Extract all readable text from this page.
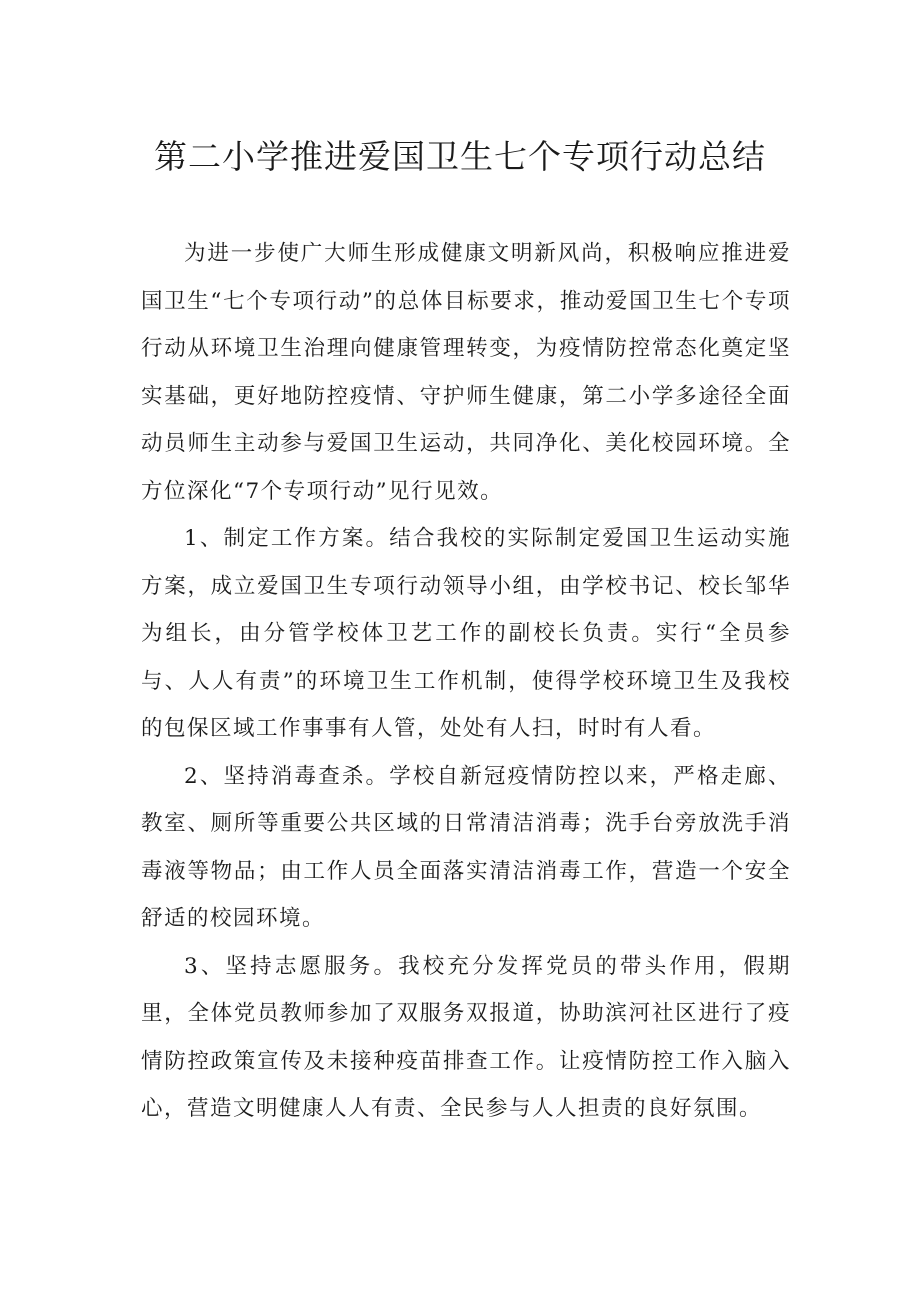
第二小学推进爱国卫生七个专项行动总结

为进一步使广大师生形成健康文明新风尚，积极响应推进爱国卫生“七个专项行动”的总体目标要求，推动爱国卫生七个专项行动从环境卫生治理向健康管理转变，为疫情防控常态化奠定坚实基础，更好地防控疫情、守护师生健康，第二小学多途径全面动员师生主动参与爱国卫生运动，共同净化、美化校园环境。全方位深化“7个专项行动”见行见效。

1、制定工作方案。结合我校的实际制定爱国卫生运动实施方案，成立爱国卫生专项行动领导小组，由学校书记、校长邹华为组长，由分管学校体卫艺工作的副校长负责。实行“全员参与、人人有责”的环境卫生工作机制，使得学校环境卫生及我校的包保区域工作事事有人管，处处有人扫，时时有人看。

2、坚持消毒查杀。学校自新冠疫情防控以来，严格走廊、教室、厕所等重要公共区域的日常清洁消毒；洗手台旁放洗手消毒液等物品；由工作人员全面落实清洁消毒工作，营造一个安全舒适的校园环境。

3、坚持志愿服务。我校充分发挥党员的带头作用，假期里，全体党员教师参加了双服务双报道，协助滨河社区进行了疫情防控政策宣传及未接种疫苗排查工作。让疫情防控工作入脑入心，营造文明健康人人有责、全民参与人人担责的良好氛围。
